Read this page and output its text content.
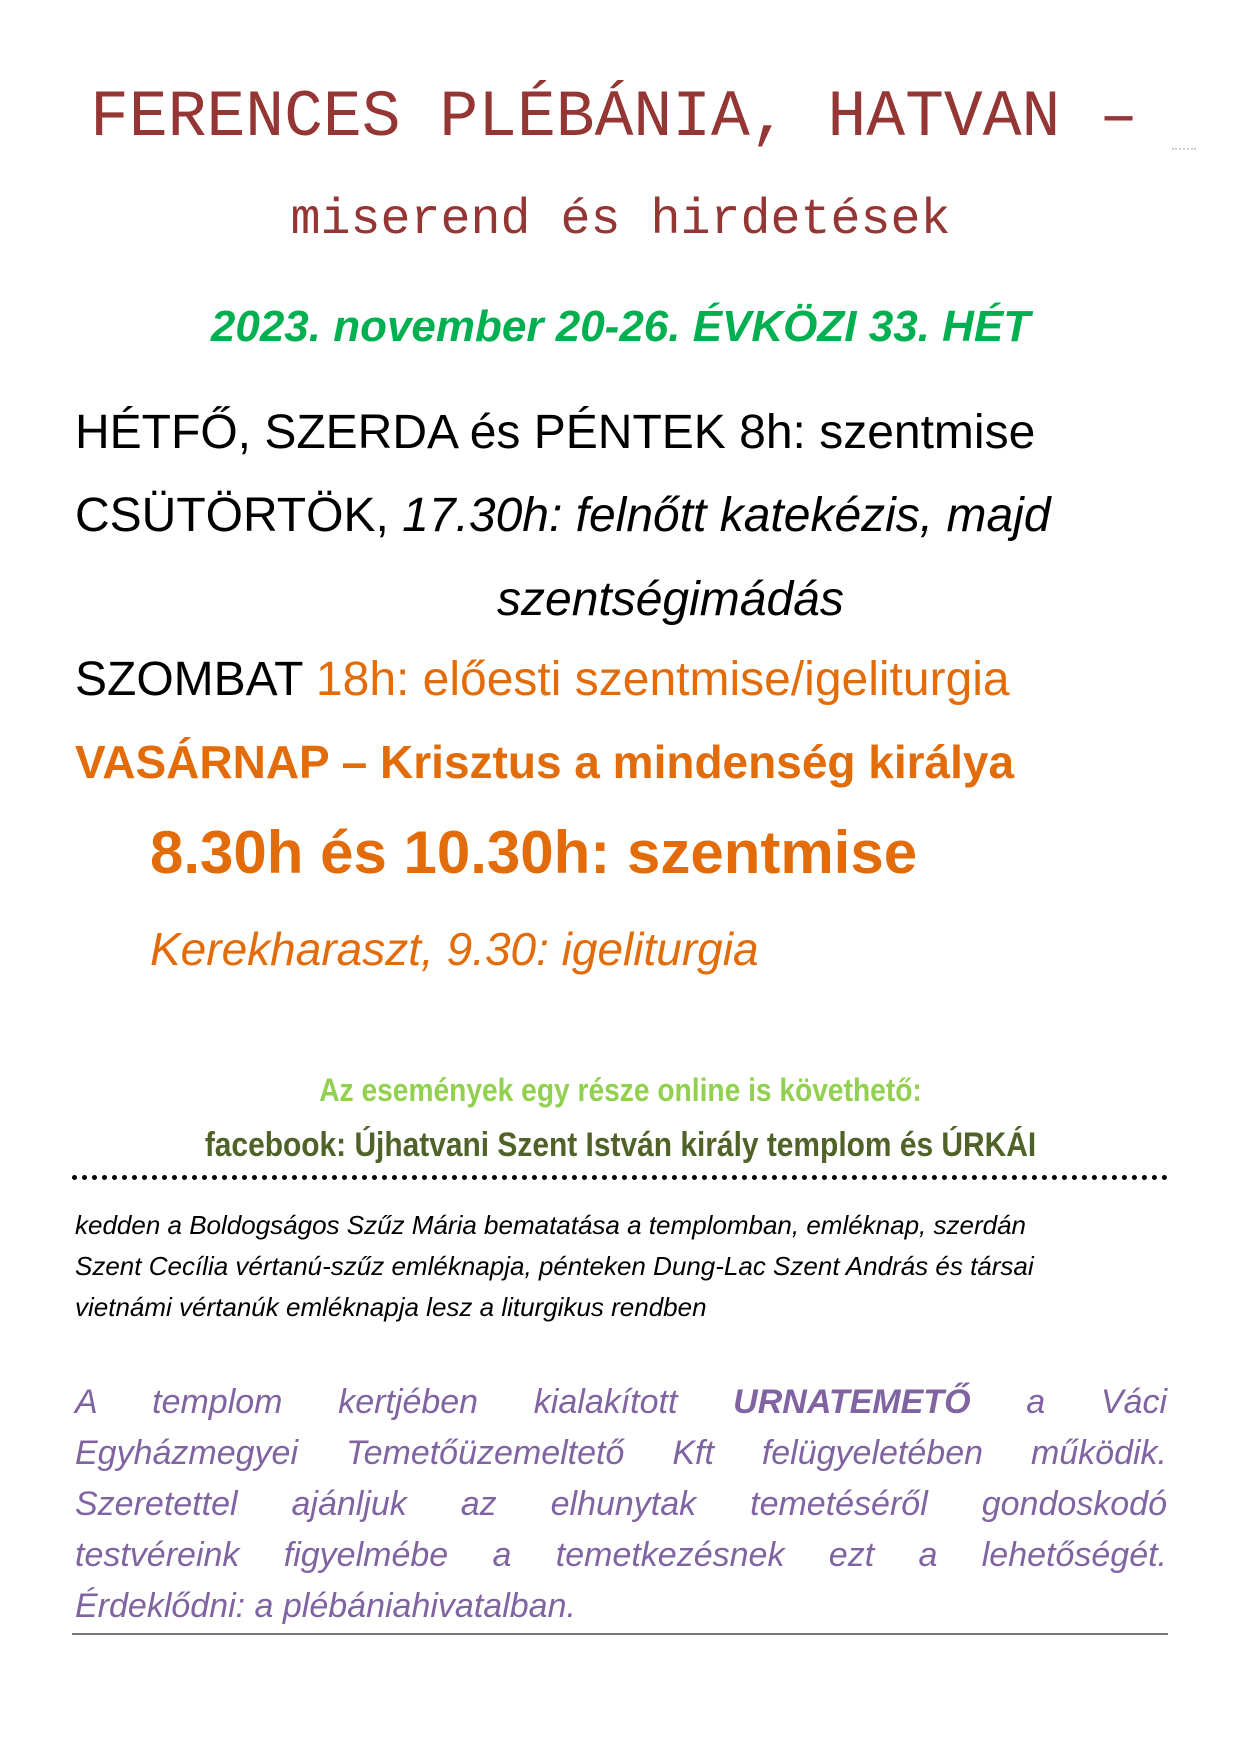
FERENCES PLÉBÁNIA, HATVAN –
miserend és hirdetések
2023. november 20-26. ÉVKÖZI 33. HÉT
HÉTFŐ, SZERDA és PÉNTEK 8h: szentmise
CSÜTÖRTÖK, 17.30h: felnőtt katekézis, majd
szentségimádás
SZOMBAT 18h: előesti szentmise/igeliturgia
VASÁRNAP – Krisztus a mindenség királya
8.30h és 10.30h: szentmise
Kerekharaszt, 9.30: igeliturgia
Az események egy része online is követhető:
facebook: Újhatvani Szent István király templom és ÚRKÁI
kedden a Boldogságos Szűz Mária bematatása a templomban, emléknap, szerdán
Szent Cecília vértanú-szűz emléknapja, pénteken Dung-Lac Szent András és társai
vietnámi vértanúk emléknapja lesz a liturgikus rendben
A templom kertjében kialakított URNATEMETŐ a Váci
Egyházmegyei Temetőüzemeltető Kft felügyeletében működik.
Szeretettel ajánljuk az elhunytak temetéséről gondoskodó
testvéreink figyelmébe a temetkezésnek ezt a lehetőségét.
Érdeklődni: a plébániahivatalban.
